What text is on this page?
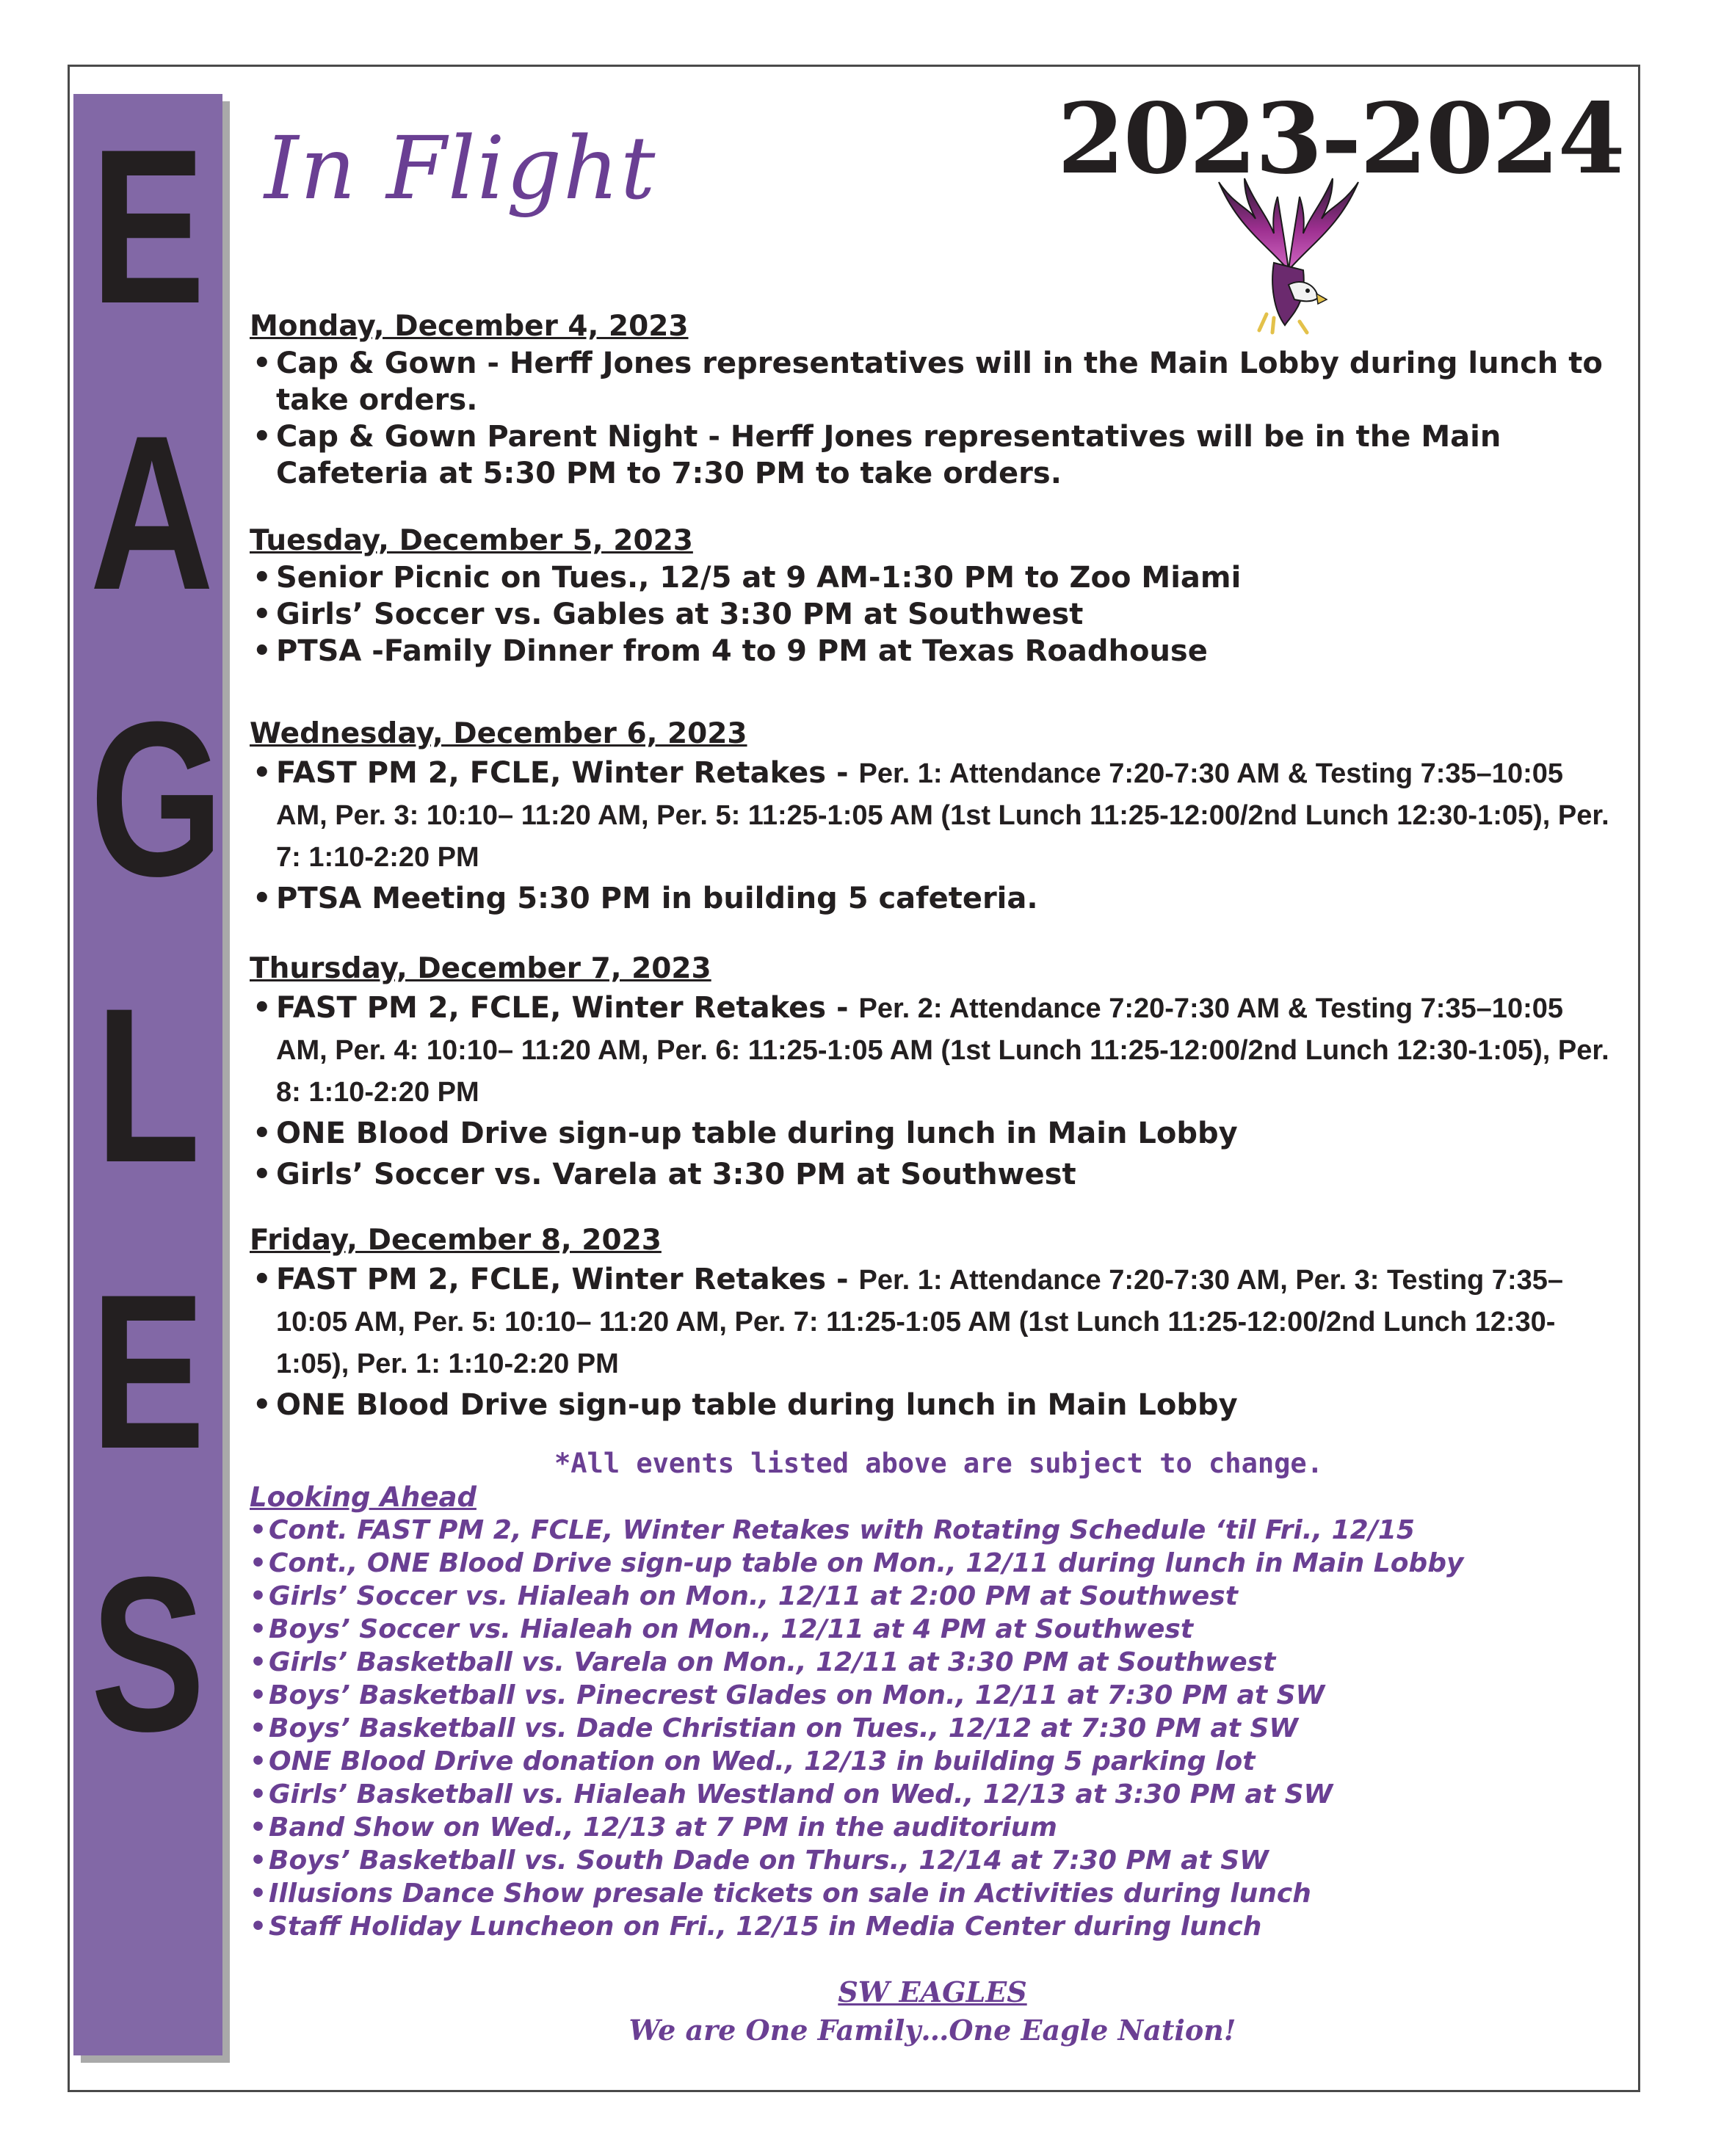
E
A
G
L
E
S
In Flight	2023-2024
Monday, December 4, 2023
• Cap & Gown - Herff Jones representatives will in the Main Lobby during lunch to take orders.
• Cap & Gown Parent Night - Herff Jones representatives will be in the Main Cafeteria at 5:30 PM to 7:30 PM to take orders.
Tuesday, December 5, 2023
• Senior Picnic on Tues., 12/5 at 9 AM-1:30 PM to Zoo Miami
• Girls’ Soccer vs. Gables at 3:30 PM at Southwest
• PTSA -Family Dinner from 4 to 9 PM at Texas Roadhouse
Wednesday, December 6, 2023
• FAST PM 2, FCLE, Winter Retakes - Per. 1: Attendance 7:20-7:30 AM & Testing 7:35–10:05 AM, Per. 3: 10:10– 11:20 AM, Per. 5: 11:25-1:05 AM (1st Lunch 11:25-12:00/2nd Lunch 12:30-1:05), Per. 7: 1:10-2:20 PM
• PTSA Meeting 5:30 PM in building 5 cafeteria.
Thursday, December 7, 2023
• FAST PM 2, FCLE, Winter Retakes - Per. 2: Attendance 7:20-7:30 AM & Testing 7:35–10:05 AM, Per. 4: 10:10– 11:20 AM, Per. 6: 11:25-1:05 AM (1st Lunch 11:25-12:00/2nd Lunch 12:30-1:05), Per. 8: 1:10-2:20 PM
• ONE Blood Drive sign-up table during lunch in Main Lobby
• Girls’ Soccer vs. Varela at 3:30 PM at Southwest
Friday, December 8, 2023
• FAST PM 2, FCLE, Winter Retakes - Per. 1: Attendance 7:20-7:30 AM, Per. 3: Testing 7:35–10:05 AM, Per. 5: 10:10– 11:20 AM, Per. 7: 11:25-1:05 AM (1st Lunch 11:25-12:00/2nd Lunch 12:30-1:05), Per. 1: 1:10-2:20 PM
• ONE Blood Drive sign-up table during lunch in Main Lobby
*All events listed above are subject to change.
Looking Ahead
• Cont. FAST PM 2, FCLE, Winter Retakes with Rotating Schedule ‘til Fri., 12/15
• Cont., ONE Blood Drive sign-up table on Mon., 12/11 during lunch in Main Lobby
• Girls’ Soccer vs. Hialeah on Mon., 12/11 at 2:00 PM at Southwest
• Boys’ Soccer vs. Hialeah on Mon., 12/11 at 4 PM at Southwest
• Girls’ Basketball vs. Varela on Mon., 12/11 at 3:30 PM at Southwest
• Boys’ Basketball vs. Pinecrest Glades on Mon., 12/11 at 7:30 PM at SW
• Boys’ Basketball vs. Dade Christian on Tues., 12/12 at 7:30 PM at SW
• ONE Blood Drive donation on Wed., 12/13 in building 5 parking lot
• Girls’ Basketball vs. Hialeah Westland on Wed., 12/13 at 3:30 PM at SW
• Band Show on Wed., 12/13 at 7 PM in the auditorium
• Boys’ Basketball vs. South Dade on Thurs., 12/14 at 7:30 PM at SW
• Illusions Dance Show presale tickets on sale in Activities during lunch
• Staff Holiday Luncheon on Fri., 12/15 in Media Center during lunch
SW EAGLES
We are One Family…One Eagle Nation!
